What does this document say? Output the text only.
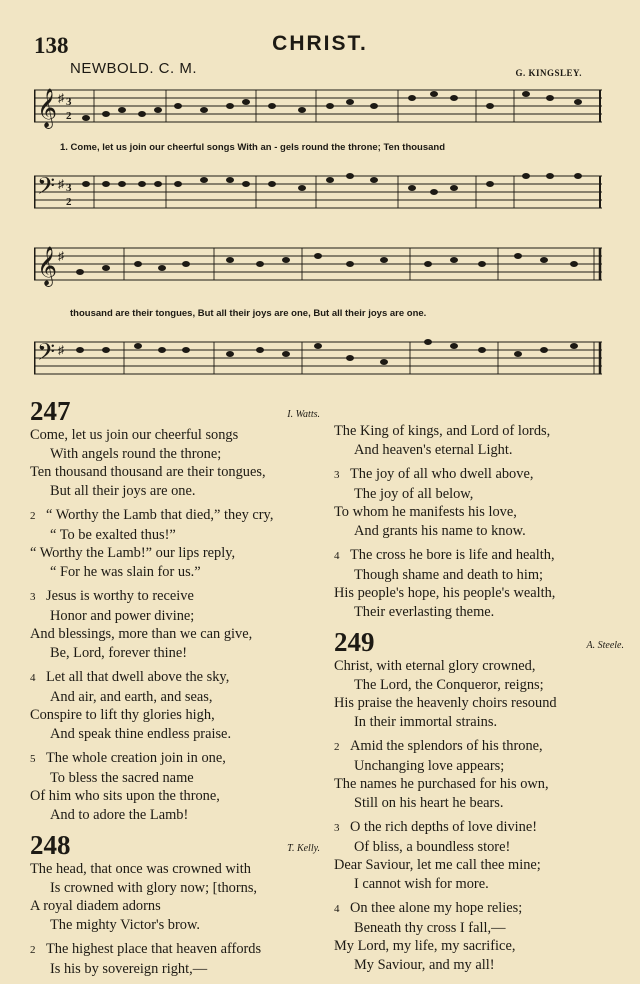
138	CHRIST.
NEWBOLD. C. M.	G. KINGSLEY.
𝄞 ♯ 3
2
1. Come, let us join our cheerful songs With an - gels round the throne; Ten thousand
𝄢 ♯ 3
2
𝄞 ♯
thousand are their tongues, But all their joys are one, But all their joys are one.
𝄢 ♯
247	I. Watts.
Come, let us join our cheerful songs
With angels round the throne;
Ten thousand thousand are their tongues,
But all their joys are one.
2 “ Worthy the Lamb that died,” they cry,
“ To be exalted thus!”
“ Worthy the Lamb!” our lips reply,
“ For he was slain for us.”
3 Jesus is worthy to receive
Honor and power divine;
And blessings, more than we can give,
Be, Lord, forever thine!
4 Let all that dwell above the sky,
And air, and earth, and seas,
Conspire to lift thy glories high,
And speak thine endless praise.
5 The whole creation join in one,
To bless the sacred name
Of him who sits upon the throne,
And to adore the Lamb!
248	T. Kelly.
The head, that once was crowned with
Is crowned with glory now; [thorns,
A royal diadem adorns
The mighty Victor's brow.
2 The highest place that heaven affords
Is his by sovereign right,—
The King of kings, and Lord of lords,
And heaven's eternal Light.
3 The joy of all who dwell above,
The joy of all below,
To whom he manifests his love,
And grants his name to know.
4 The cross he bore is life and health,
Though shame and death to him;
His people's hope, his people's wealth,
Their everlasting theme.
249	A. Steele.
Christ, with eternal glory crowned,
The Lord, the Conqueror, reigns;
His praise the heavenly choirs resound
In their immortal strains.
2 Amid the splendors of his throne,
Unchanging love appears;
The names he purchased for his own,
Still on his heart he bears.
3 O the rich depths of love divine!
Of bliss, a boundless store!
Dear Saviour, let me call thee mine;
I cannot wish for more.
4 On thee alone my hope relies;
Beneath thy cross I fall,—
My Lord, my life, my sacrifice,
My Saviour, and my all!
